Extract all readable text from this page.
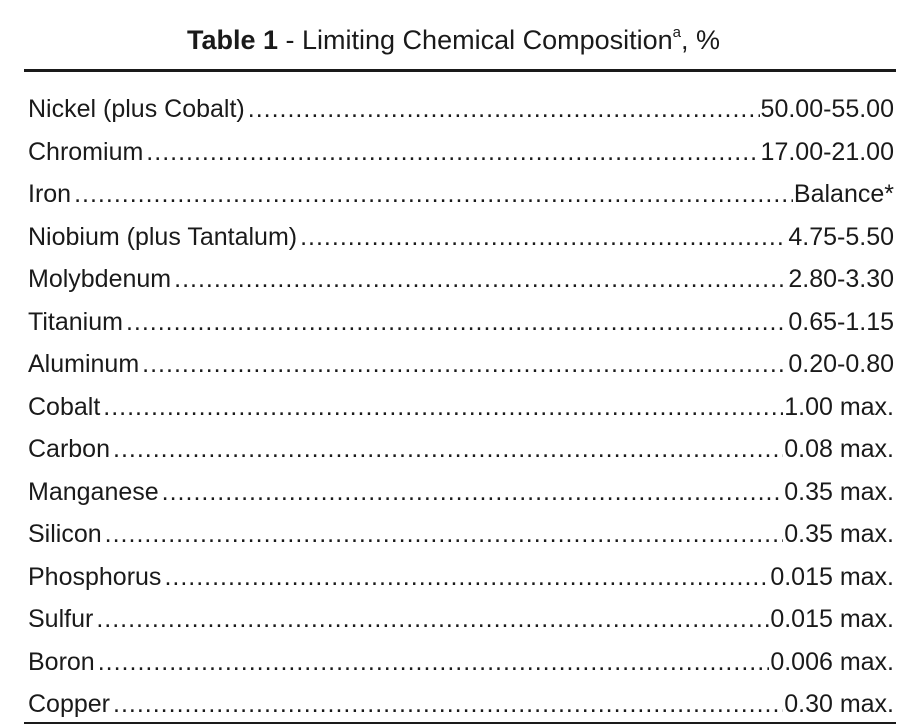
Table 1 - Limiting Chemical Composition$^a$, %
Nickel (plus Cobalt) .....	50.00-55.00
Chromium .....	17.00-21.00
Iron .....	Balance*
Niobium (plus Tantalum) .....	4.75-5.50
Molybdenum .....	2.80-3.30
Titanium .....	0.65-1.15
Aluminum .....	0.20-0.80
Cobalt .....	1.00 max.
Carbon .....	0.08 max.
Manganese .....	0.35 max.
Silicon .....	0.35 max.
Phosphorus .....	0.015 max.
Sulfur .....	0.015 max.
Boron .....	0.006 max.
Copper .....	0.30 max.
